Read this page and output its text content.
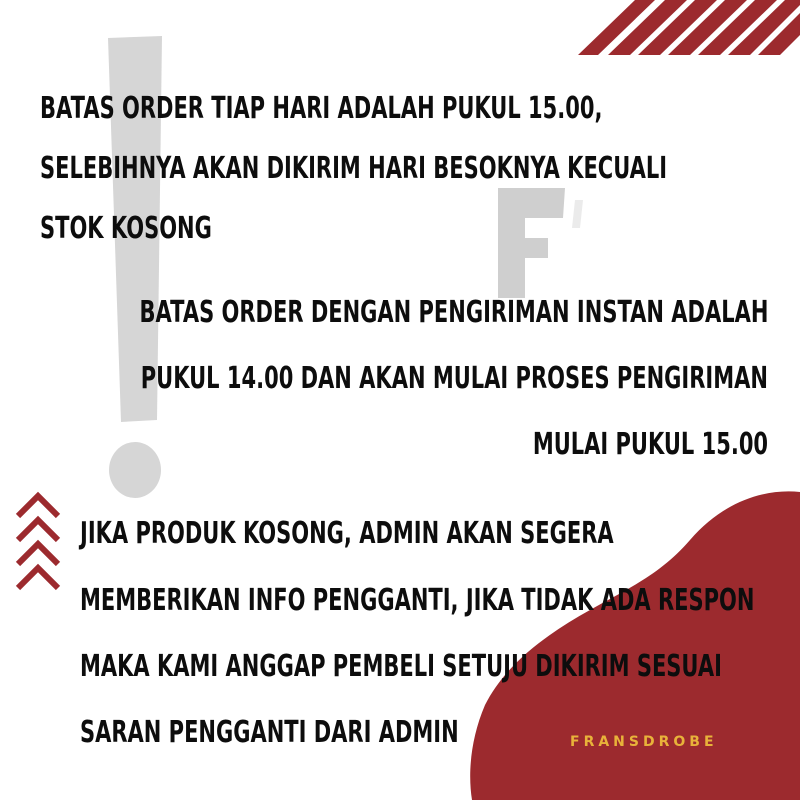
BATAS ORDER TIAP HARI ADALAH PUKUL 15.00,
SELEBIHNYA AKAN DIKIRIM HARI BESOKNYA KECUALI
STOK KOSONG
BATAS ORDER DENGAN PENGIRIMAN INSTAN ADALAH
PUKUL 14.00 DAN AKAN MULAI PROSES PENGIRIMAN
MULAI PUKUL 15.00
JIKA PRODUK KOSONG, ADMIN AKAN SEGERA
MEMBERIKAN INFO PENGGANTI, JIKA TIDAK ADA RESPON
MAKA KAMI ANGGAP PEMBELI SETUJU DIKIRIM SESUAI
SARAN PENGGANTI DARI ADMIN	FRANSDROBE
